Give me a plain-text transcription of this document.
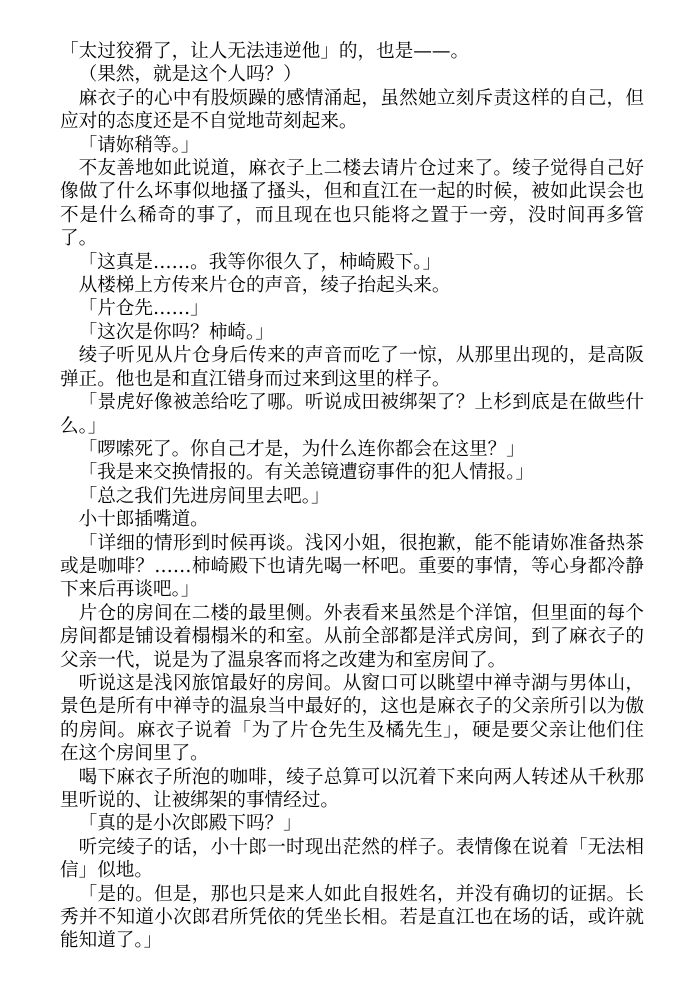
「太过狡猾了，让人无法违逆他」的，也是——。

（果然，就是这个人吗？）

麻衣子的心中有股烦躁的感情涌起，虽然她立刻斥责这样的自己，但应对的态度还是不自觉地苛刻起来。

「请妳稍等。」

不友善地如此说道，麻衣子上二楼去请片仓过来了。绫子觉得自己好像做了什么坏事似地搔了搔头，但和直江在一起的时候，被如此误会也不是什么稀奇的事了，而且现在也只能将之置于一旁，没时间再多管了。

「这真是……。我等你很久了，柿崎殿下。」

从楼梯上方传来片仓的声音，绫子抬起头来。

「片仓先……」

「这次是你吗？柿崎。」

绫子听见从片仓身后传来的声音而吃了一惊，从那里出现的，是高阪弹正。他也是和直江错身而过来到这里的样子。

「景虎好像被恙给吃了哪。听说成田被绑架了？上杉到底是在做些什么。」

「啰嗦死了。你自己才是，为什么连你都会在这里？」

「我是来交换情报的。有关恙镜遭窃事件的犯人情报。」

「总之我们先进房间里去吧。」

小十郎插嘴道。

「详细的情形到时候再谈。浅冈小姐，很抱歉，能不能请妳准备热茶或是咖啡？……柿崎殿下也请先喝一杯吧。重要的事情，等心身都冷静下来后再谈吧。」

片仓的房间在二楼的最里侧。外表看来虽然是个洋馆，但里面的每个房间都是铺设着榻榻米的和室。从前全部都是洋式房间，到了麻衣子的父亲一代，说是为了温泉客而将之改建为和室房间了。

听说这是浅冈旅馆最好的房间。从窗口可以眺望中禅寺湖与男体山，景色是所有中禅寺的温泉当中最好的，这也是麻衣子的父亲所引以为傲的房间。麻衣子说着「为了片仓先生及橘先生」，硬是要父亲让他们住在这个房间里了。

喝下麻衣子所泡的咖啡，绫子总算可以沉着下来向两人转述从千秋那里听说的、让被绑架的事情经过。

「真的是小次郎殿下吗？」

听完绫子的话，小十郎一时现出茫然的样子。表情像在说着「无法相信」似地。

「是的。但是，那也只是来人如此自报姓名，并没有确切的证据。长秀并不知道小次郎君所凭依的凭坐长相。若是直江也在场的话，或许就能知道了。」
